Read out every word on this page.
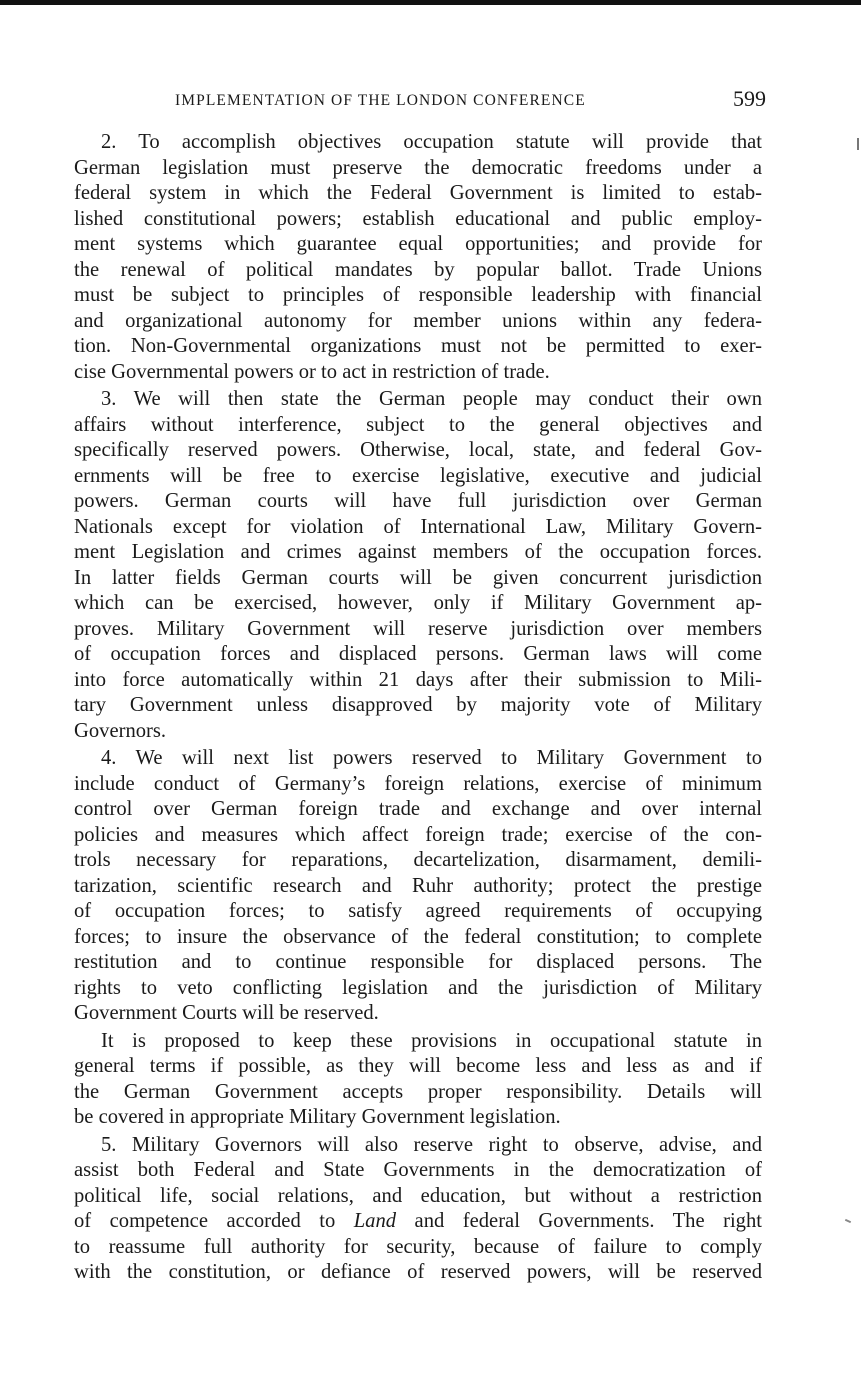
IMPLEMENTATION OF THE LONDON CONFERENCE	599
2. To accomplish objectives occupation statute will provide that
German legislation must preserve the democratic freedoms under a
federal system in which the Federal Government is limited to estab-
lished constitutional powers; establish educational and public employ-
ment systems which guarantee equal opportunities; and provide for
the renewal of political mandates by popular ballot. Trade Unions
must be subject to principles of responsible leadership with financial
and organizational autonomy for member unions within any federa-
tion. Non-Governmental organizations must not be permitted to exer-
cise Governmental powers or to act in restriction of trade.
3. We will then state the German people may conduct their own
affairs without interference, subject to the general objectives and
specifically reserved powers. Otherwise, local, state, and federal Gov-
ernments will be free to exercise legislative, executive and judicial
powers. German courts will have full jurisdiction over German
Nationals except for violation of International Law, Military Govern-
ment Legislation and crimes against members of the occupation forces.
In latter fields German courts will be given concurrent jurisdiction
which can be exercised, however, only if Military Government ap-
proves. Military Government will reserve jurisdiction over members
of occupation forces and displaced persons. German laws will come
into force automatically within 21 days after their submission to Mili-
tary Government unless disapproved by majority vote of Military
Governors.
4. We will next list powers reserved to Military Government to
include conduct of Germany’s foreign relations, exercise of minimum
control over German foreign trade and exchange and over internal
policies and measures which affect foreign trade; exercise of the con-
trols necessary for reparations, decartelization, disarmament, demili-
tarization, scientific research and Ruhr authority; protect the prestige
of occupation forces; to satisfy agreed requirements of occupying
forces; to insure the observance of the federal constitution; to complete
restitution and to continue responsible for displaced persons. The
rights to veto conflicting legislation and the jurisdiction of Military
Government Courts will be reserved.
It is proposed to keep these provisions in occupational statute in
general terms if possible, as they will become less and less as and if
the German Government accepts proper responsibility. Details will
be covered in appropriate Military Government legislation.
5. Military Governors will also reserve right to observe, advise, and
assist both Federal and State Governments in the democratization of
political life, social relations, and education, but without a restriction
of competence accorded to Land and federal Governments. The right
to reassume full authority for security, because of failure to comply
with the constitution, or defiance of reserved powers, will be reserved
